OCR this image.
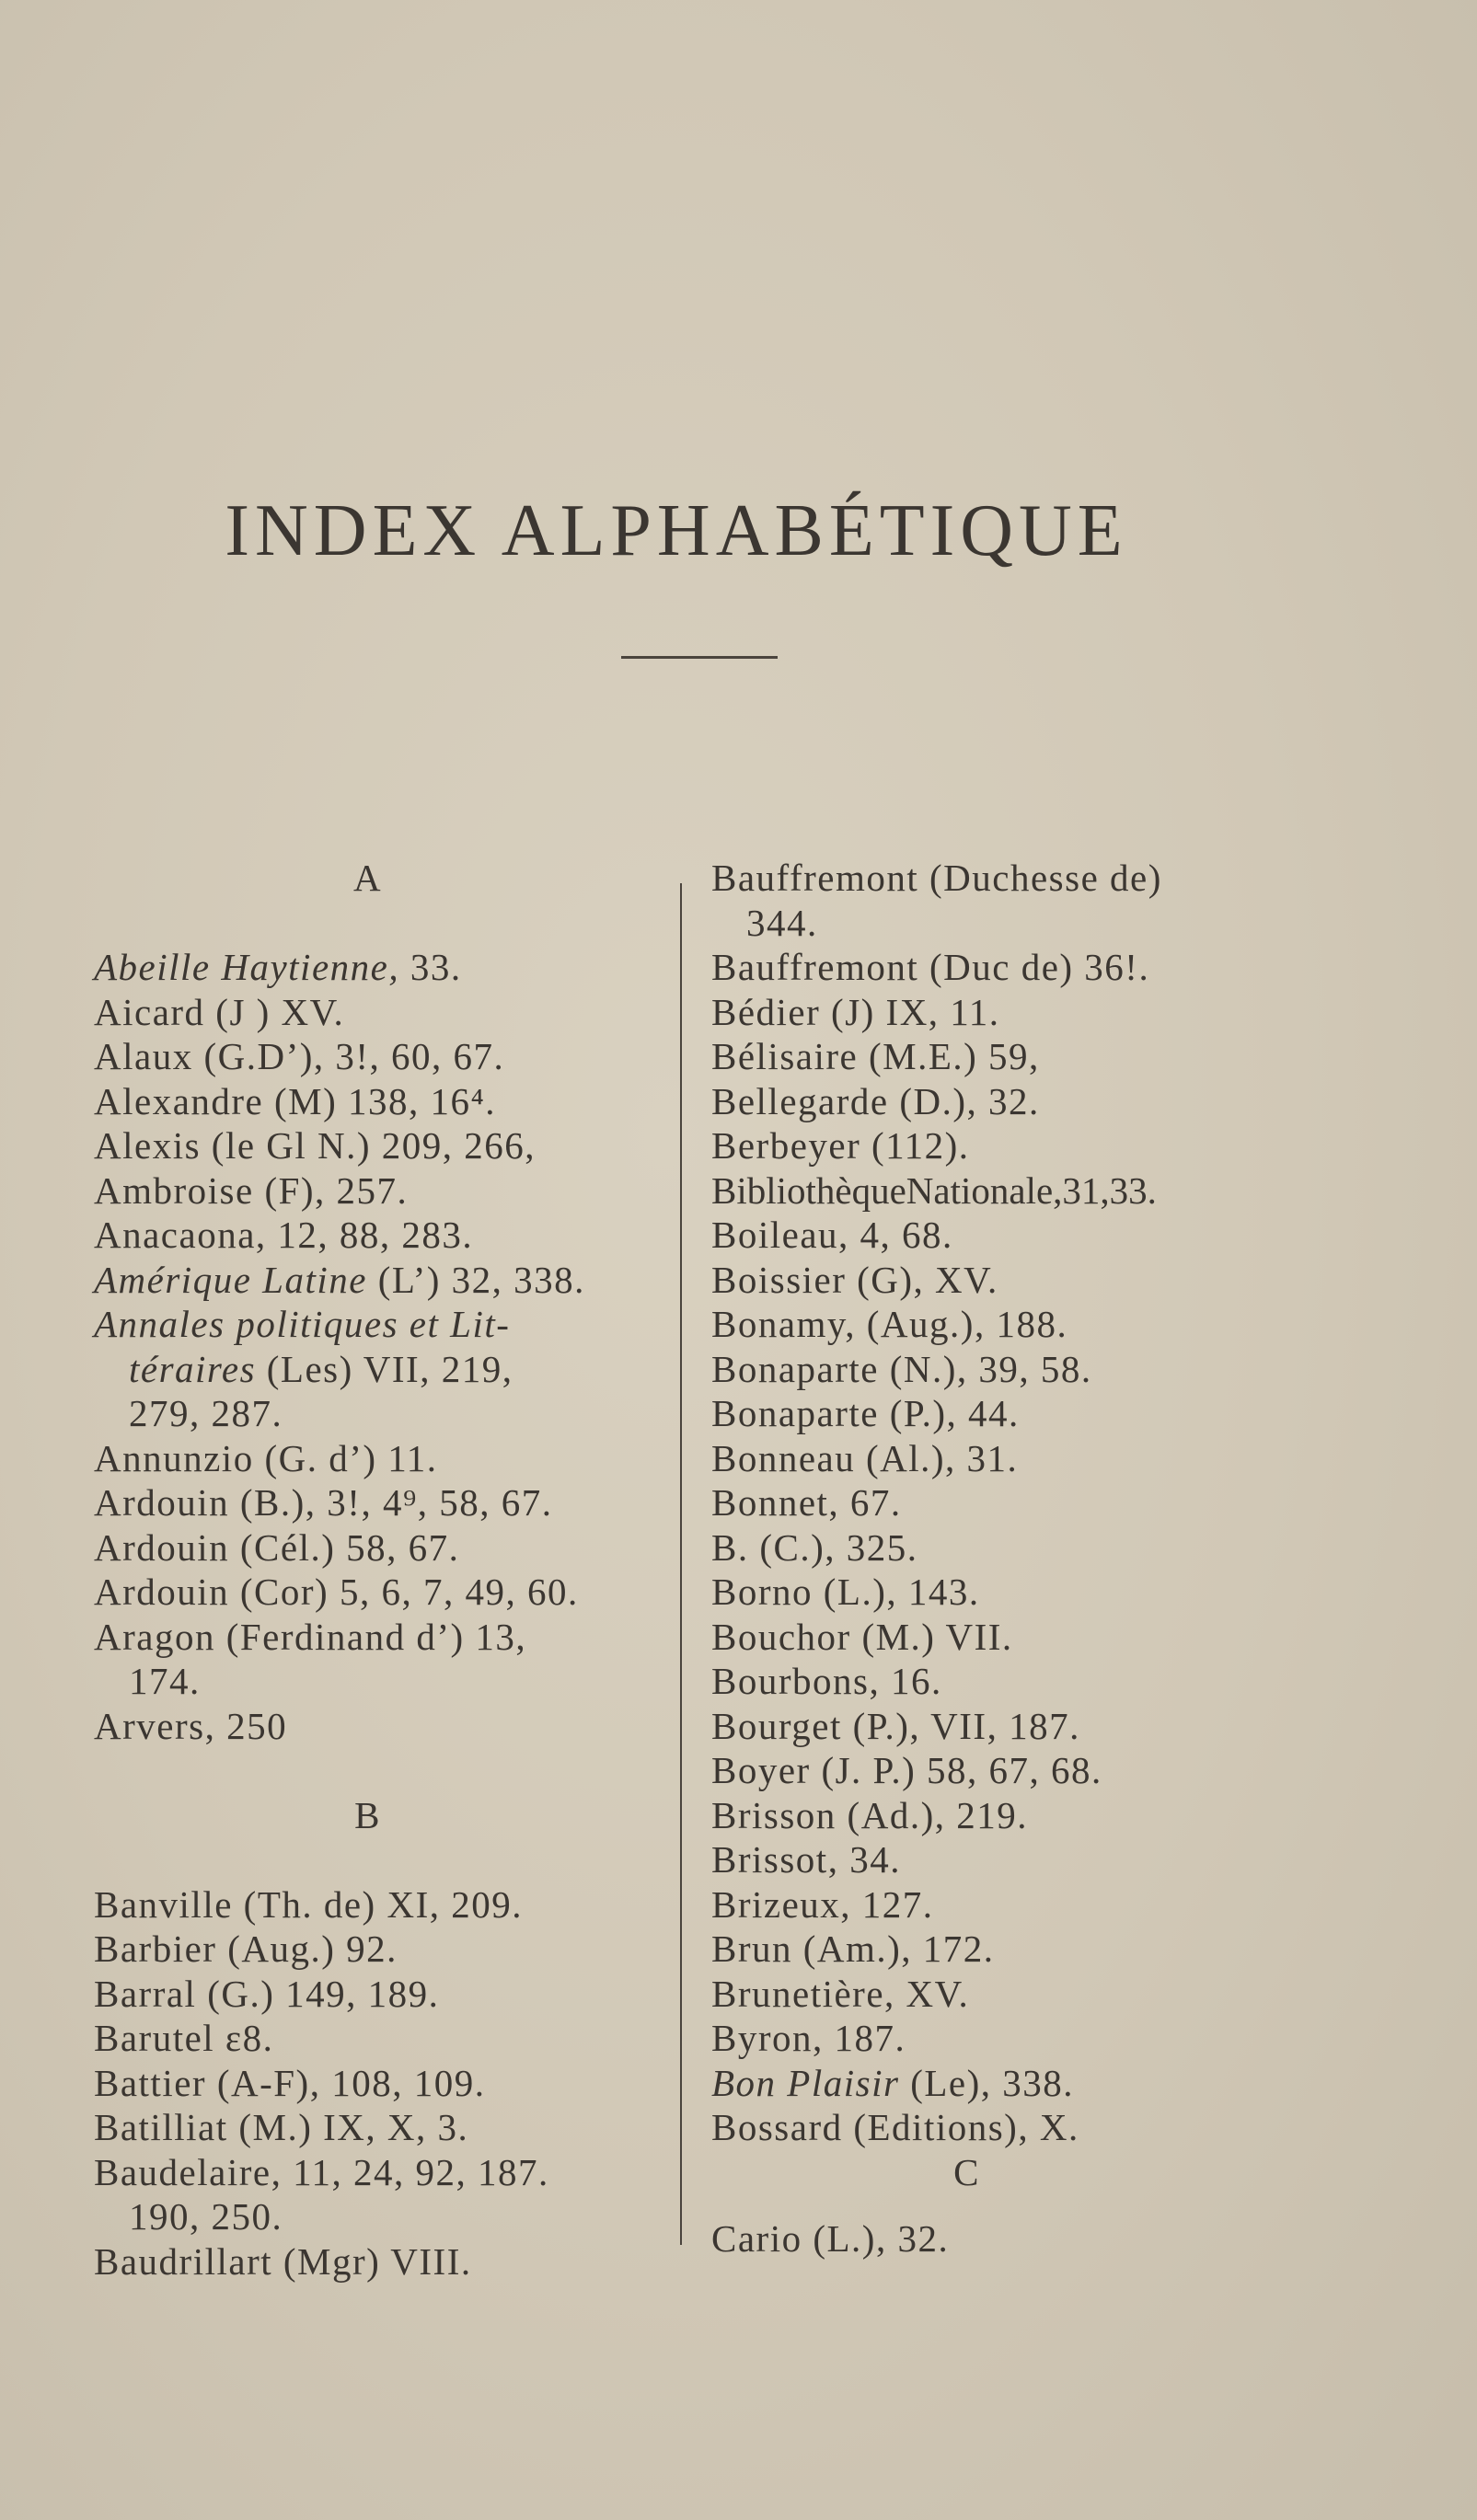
INDEX ALPHABÉTIQUE
A
Abeille Haytienne, 33.
Aicard (J ) XV.
Alaux (G.D’), 3!, 60, 67.
Alexandre (M) 138, 16⁴.
Alexis (le Gl N.) 209, 266,
Ambroise (F), 257.
Anacaona, 12, 88, 283.
Amérique Latine (L’) 32, 338.
Annales politiques et Lit-
téraires (Les) VII, 219,
279, 287.
Annunzio (G. d’) 11.
Ardouin (B.), 3!, 4⁹, 58, 67.
Ardouin (Cél.) 58, 67.
Ardouin (Cor) 5, 6, 7, 49, 60.
Aragon (Ferdinand d’) 13,
174.
Arvers, 250
B
Banville (Th. de) XI, 209.
Barbier (Aug.) 92.
Barral (G.) 149, 189.
Barutel ɛ8.
Battier (A-F), 108, 109.
Batilliat (M.) IX, X, 3.
Baudelaire, 11, 24, 92, 187.
190, 250.
Baudrillart (Mgr) VIII.
Bauffremont (Duchesse de)
344.
Bauffremont (Duc de) 36!.
Bédier (J) IX, 11.
Bélisaire (M.E.) 59,
Bellegarde (D.), 32.
Berbeyer (112).
BibliothèqueNationale,31,33.
Boileau, 4, 68.
Boissier (G), XV.
Bonamy, (Aug.), 188.
Bonaparte (N.), 39, 58.
Bonaparte (P.), 44.
Bonneau (Al.), 31.
Bonnet, 67.
B. (C.), 325.
Borno (L.), 143.
Bouchor (M.) VII.
Bourbons, 16.
Bourget (P.), VII, 187.
Boyer (J. P.) 58, 67, 68.
Brisson (Ad.), 219.
Brissot, 34.
Brizeux, 127.
Brun (Am.), 172.
Brunetière, XV.
Byron, 187.
Bon Plaisir (Le), 338.
Bossard (Editions), X.
C
Cario (L.), 32.
